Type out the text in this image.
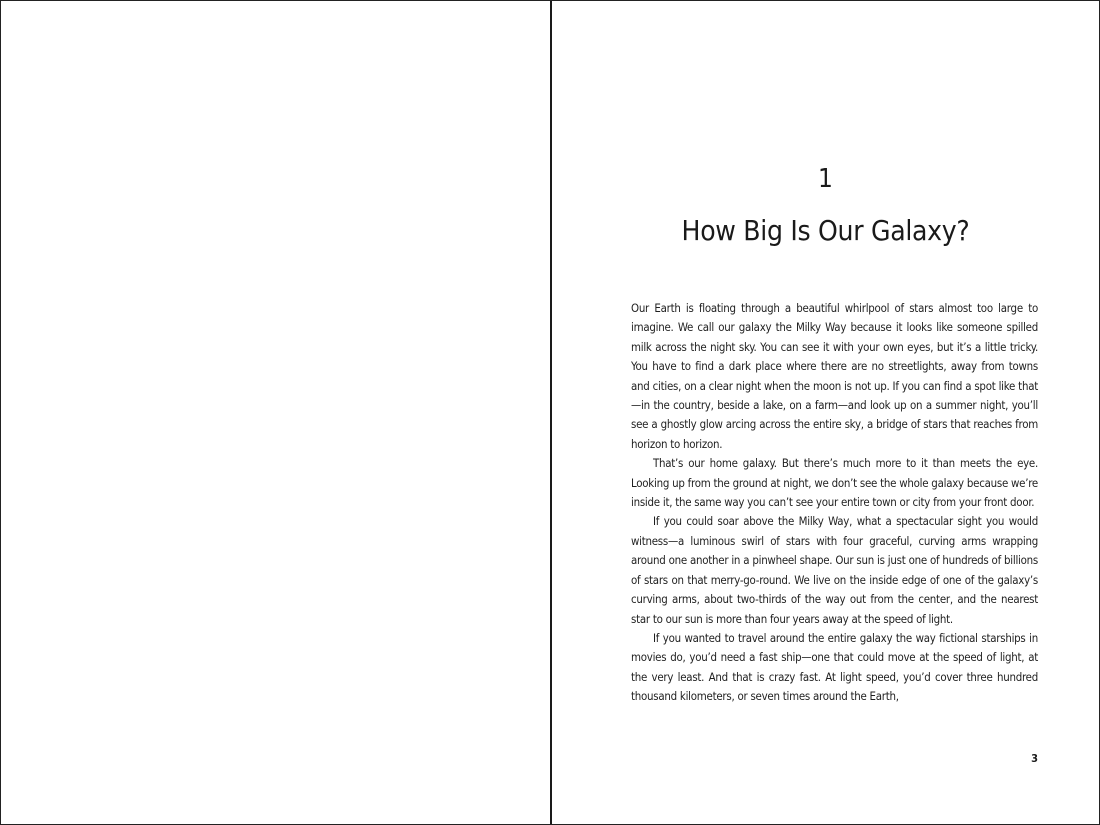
1
How Big Is Our Galaxy?

Our Earth is floating through a beautiful whirlpool of stars almost too large to imagine. We call our galaxy the Milky Way because it looks like someone spilled milk across the night sky. You can see it with your own eyes, but it’s a little tricky. You have to find a dark place where there are no streetlights, away from towns and cities, on a clear night when the moon is not up. If you can find a spot like that—in the country, beside a lake, on a farm—and look up on a summer night, you’ll see a ghostly glow arcing across the entire sky, a bridge of stars that reaches from horizon to horizon.

That’s our home galaxy. But there’s much more to it than meets the eye. Looking up from the ground at night, we don’t see the whole galaxy because we’re inside it, the same way you can’t see your entire town or city from your front door.

If you could soar above the Milky Way, what a spectacular sight you would witness—a luminous swirl of stars with four graceful, curving arms wrapping around one another in a pinwheel shape. Our sun is just one of hundreds of billions of stars on that merry-go-round. We live on the inside edge of one of the galaxy’s curving arms, about two-thirds of the way out from the center, and the nearest star to our sun is more than four years away at the speed of light.

If you wanted to travel around the entire galaxy the way fictional starships in movies do, you’d need a fast ship—one that could move at the speed of light, at the very least. And that is crazy fast. At light speed, you’d cover three hundred thousand kilometers, or seven times around the Earth,

3
